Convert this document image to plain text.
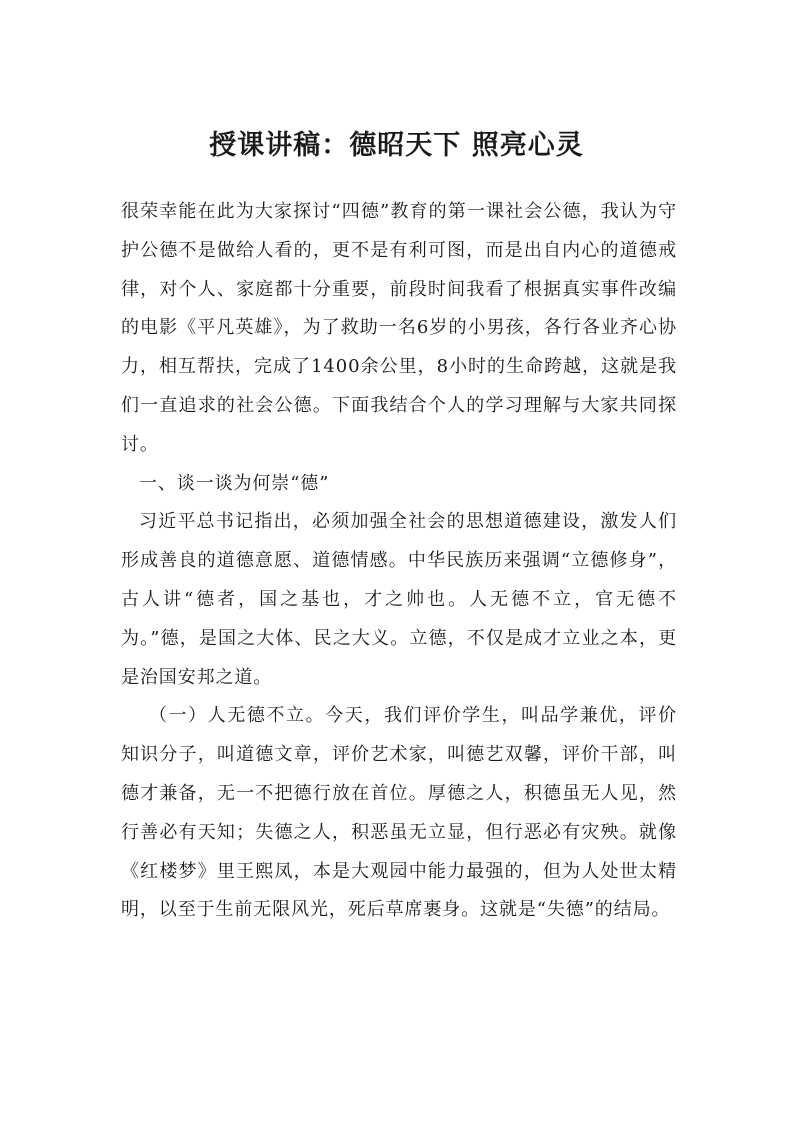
授课讲稿：德昭天下 照亮心灵

很荣幸能在此为大家探讨“四德”教育的第一课社会公德，我认为守护公德不是做给人看的，更不是有利可图，而是出自内心的道德戒律，对个人、家庭都十分重要，前段时间我看了根据真实事件改编的电影《平凡英雄》，为了救助一名6岁的小男孩，各行各业齐心协力，相互帮扶，完成了1400余公里，8小时的生命跨越，这就是我们一直追求的社会公德。下面我结合个人的学习理解与大家共同探讨。

一、谈一谈为何崇“德”

习近平总书记指出，必须加强全社会的思想道德建设，激发人们形成善良的道德意愿、道德情感。中华民族历来强调“立德修身”，古人讲“德者，国之基也，才之帅也。人无德不立，官无德不为。”德，是国之大体、民之大义。立德，不仅是成才立业之本，更是治国安邦之道。

（一）人无德不立。今天，我们评价学生，叫品学兼优，评价知识分子，叫道德文章，评价艺术家，叫德艺双馨，评价干部，叫德才兼备，无一不把德行放在首位。厚德之人，积德虽无人见，然行善必有天知；失德之人，积恶虽无立显，但行恶必有灾殃。就像《红楼梦》里王熙凤，本是大观园中能力最强的，但为人处世太精明，以至于生前无限风光，死后草席裹身。这就是“失德”的结局。
